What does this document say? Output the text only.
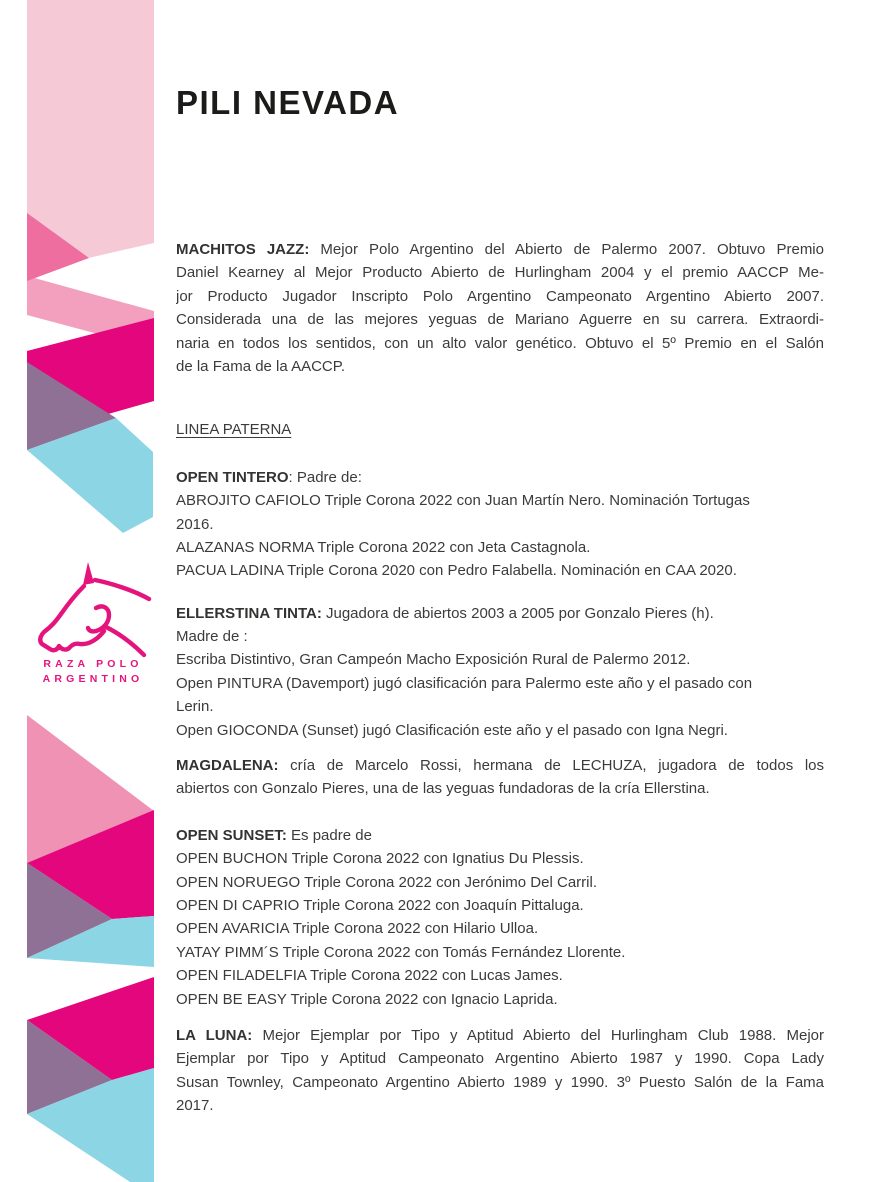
RAZA POLO
ARGENTINO
PILI NEVADA
MACHITOS JAZZ: Mejor Polo Argentino del Abierto de Palermo 2007. Obtuvo Premio
Daniel Kearney al Mejor Producto Abierto de Hurlingham 2004 y el premio AACCP Me-
jor Producto Jugador Inscripto Polo Argentino Campeonato Argentino Abierto 2007.
Considerada una de las mejores yeguas de Mariano Aguerre en su carrera. Extraordi-
naria en todos los sentidos, con un alto valor genético. Obtuvo el 5º Premio en el Salón
de la Fama de la AACCP.
LINEA PATERNA
OPEN TINTERO: Padre de:
ABROJITO CAFIOLO Triple Corona 2022 con Juan Martín Nero. Nominación Tortugas
2016.
ALAZANAS NORMA Triple Corona 2022 con Jeta Castagnola.
PACUA LADINA Triple Corona 2020 con Pedro Falabella. Nominación en CAA 2020.
ELLERSTINA TINTA: Jugadora de abiertos 2003 a 2005 por Gonzalo Pieres (h).
Madre de :
Escriba Distintivo, Gran Campeón Macho Exposición Rural de Palermo 2012.
Open PINTURA (Davemport) jugó clasificación para Palermo este año y el pasado con
Lerin.
Open GIOCONDA (Sunset) jugó Clasificación este año y el pasado con Igna Negri.
MAGDALENA: cría de Marcelo Rossi, hermana de LECHUZA, jugadora de todos los
abiertos con Gonzalo Pieres, una de las yeguas fundadoras de la cría Ellerstina.
OPEN SUNSET: Es padre de
OPEN BUCHON Triple Corona 2022 con Ignatius Du Plessis.
OPEN NORUEGO Triple Corona 2022 con Jerónimo Del Carril.
OPEN DI CAPRIO Triple Corona 2022 con Joaquín Pittaluga.
OPEN AVARICIA Triple Corona 2022 con Hilario Ulloa.
YATAY PIMM´S Triple Corona 2022 con Tomás Fernández Llorente.
OPEN FILADELFIA Triple Corona 2022 con Lucas James.
OPEN BE EASY Triple Corona 2022 con Ignacio Laprida.
LA LUNA: Mejor Ejemplar por Tipo y Aptitud Abierto del Hurlingham Club 1988. Mejor
Ejemplar por Tipo y Aptitud Campeonato Argentino Abierto 1987 y 1990. Copa Lady
Susan Townley, Campeonato Argentino Abierto 1989 y 1990. 3º Puesto Salón de la Fama
2017.
